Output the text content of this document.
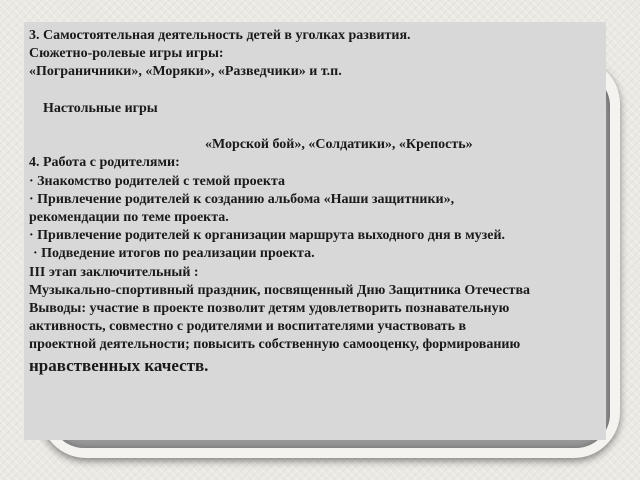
3. Самостоятельная деятельность детей в уголках развития.
Сюжетно-ролевые игры игры:
«Пограничники», «Моряки», «Разведчики» и т.п.
Настольные игры
«Морской бой», «Солдатики», «Крепость»
4. Работа с родителями:
· Знакомство родителей с темой проекта
· Привлечение родителей к созданию альбома «Наши защитники»,
рекомендации по теме проекта.
· Привлечение родителей к организации маршрута выходного дня в музей.
· Подведение итогов по реализации проекта.
III этап заключительный :
Музыкально-спортивный праздник, посвященный Дню Защитника Отечества
Выводы: участие в проекте позволит детям удовлетворить познавательную
активность, совместно с родителями и воспитателями участвовать в
проектной деятельности; повысить собственную самооценку, формированию
нравственных качеств.
